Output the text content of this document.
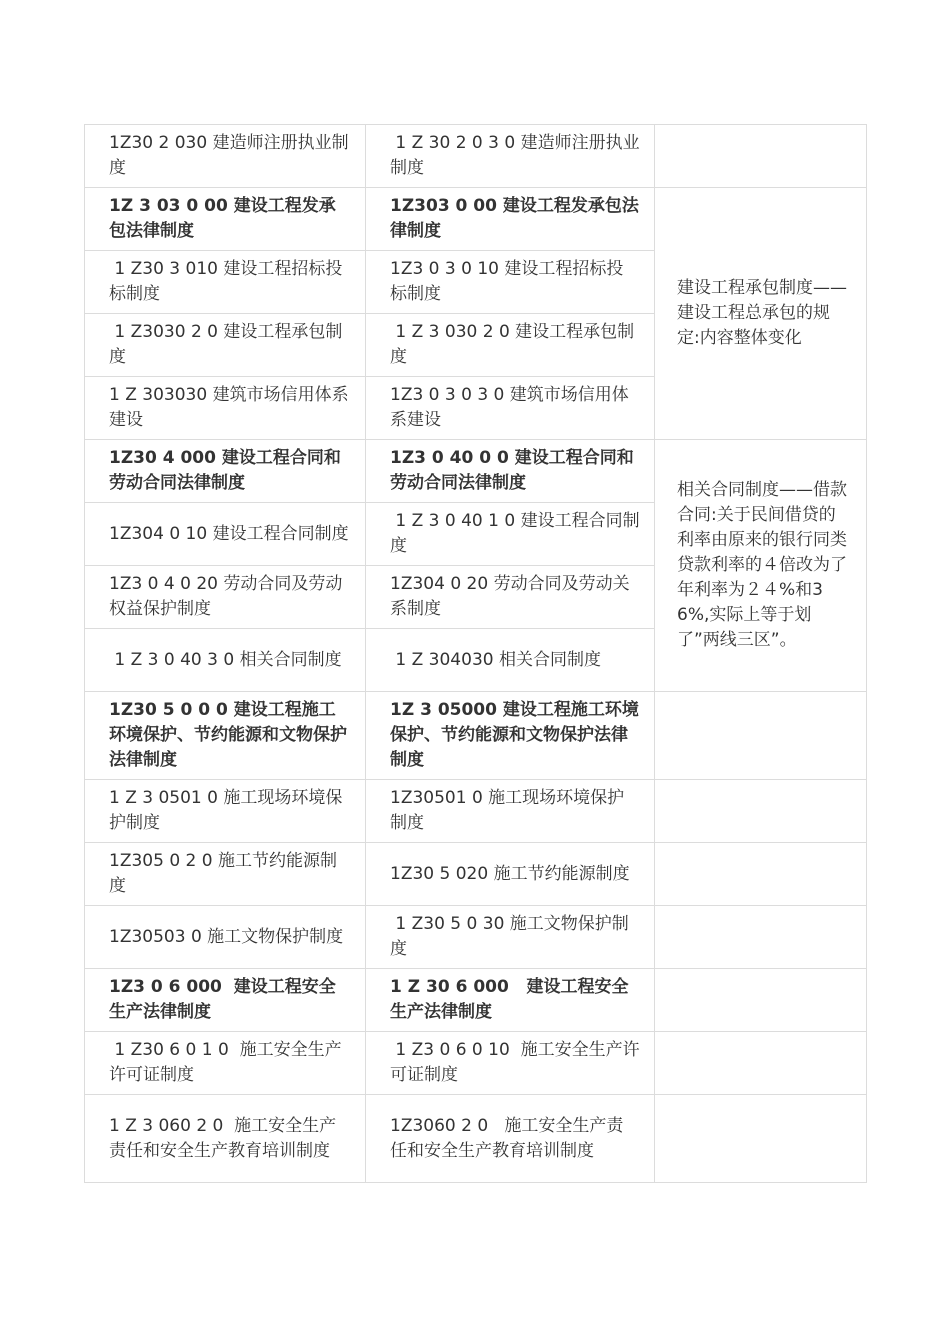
1Z30 2 030 建造师注册执业制度	1 Z 30 2 0 3 0 建造师注册执业制度	
1Z 3 03 0 00 建设工程发承包法律制度	1Z303 0 00 建设工程发承包法律制度	建设工程承包制度——建设工程总承包的规定:内容整体变化
1 Z30 3 010 建设工程招标投标制度	1Z3 0 3 0 10 建设工程招标投标制度	
1 Z3030 2 0 建设工程承包制度	1 Z 3 030 2 0 建设工程承包制度	
1 Z 303030 建筑市场信用体系建设	1Z3 0 3 0 3 0 建筑市场信用体系建设	
1Z30 4 000 建设工程合同和劳动合同法律制度	1Z3 0 40 0 0 建设工程合同和劳动合同法律制度	相关合同制度——借款合同:关于民间借贷的利率由原来的银行同类贷款利率的４倍改为了年利率为２４%和36%,实际上等于划了”两线三区”。
1Z304 0 10 建设工程合同制度	1 Z 3 0 40 1 0 建设工程合同制度	
1Z3 0 4 0 20 劳动合同及劳动权益保护制度	1Z304 0 20 劳动合同及劳动关系制度	
1 Z 3 0 40 3 0 相关合同制度	1 Z 304030 相关合同制度	
1Z30 5 0 0 0 建设工程施工环境保护、节约能源和文物保护法律制度	1Z 3 05000 建设工程施工环境保护、节约能源和文物保护法律制度	
1 Z 3 0501 0 施工现场环境保护制度	1Z30501 0 施工现场环境保护制度	
1Z305 0 2 0 施工节约能源制度	1Z30 5 020 施工节约能源制度	
1Z30503 0 施工文物保护制度	1 Z30 5 0 30 施工文物保护制度	
1Z3 0 6 000  建设工程安全生产法律制度	1 Z 30 6 000   建设工程安全生产法律制度	
1 Z30 6 0 1 0  施工安全生产许可证制度	1 Z3 0 6 0 10  施工安全生产许可证制度	
1 Z 3 060 2 0  施工安全生产责任和安全生产教育培训制度	1Z3060 2 0   施工安全生产责任和安全生产教育培训制度	
